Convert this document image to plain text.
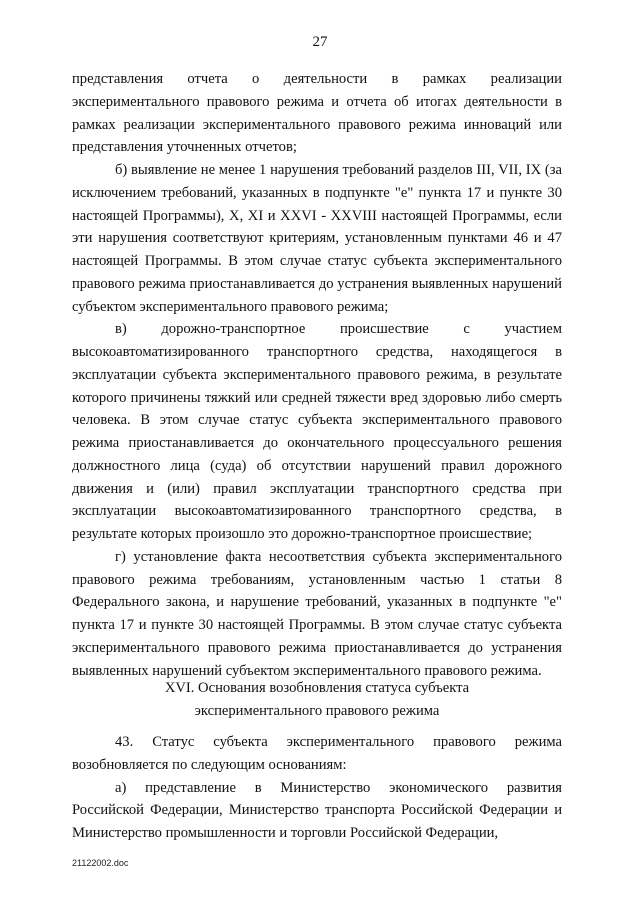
27

представления отчета о деятельности в рамках реализации экспериментального правового режима и отчета об итогах деятельности в рамках реализации экспериментального правового режима инноваций или представления уточненных отчетов;

б) выявление не менее 1 нарушения требований разделов III, VII, IX (за исключением требований, указанных в подпункте "е" пункта 17 и пункте 30 настоящей Программы), X, XI и XXVI - XXVIII настоящей Программы, если эти нарушения соответствуют критериям, установленным пунктами 46 и 47 настоящей Программы. В этом случае статус субъекта экспериментального правового режима приостанавливается до устранения выявленных нарушений субъектом экспериментального правового режима;

в) дорожно-транспортное происшествие с участием высокоавтоматизированного транспортного средства, находящегося в эксплуатации субъекта экспериментального правового режима, в результате которого причинены тяжкий или средней тяжести вред здоровью либо смерть человека. В этом случае статус субъекта экспериментального правового режима приостанавливается до окончательного процессуального решения должностного лица (суда) об отсутствии нарушений правил дорожного движения и (или) правил эксплуатации транспортного средства при эксплуатации высокоавтоматизированного транспортного средства, в результате которых произошло это дорожно-транспортное происшествие;

г) установление факта несоответствия субъекта экспериментального правового режима требованиям, установленным частью 1 статьи 8 Федерального закона, и нарушение требований, указанных в подпункте "е" пункта 17 и пункте 30 настоящей Программы. В этом случае статус субъекта экспериментального правового режима приостанавливается до устранения выявленных нарушений субъектом экспериментального правового режима.

XVI. Основания возобновления статуса субъекта
экспериментального правового режима

43. Статус субъекта экспериментального правового режима возобновляется по следующим основаниям:

а) представление в Министерство экономического развития Российской Федерации, Министерство транспорта Российской Федерации и Министерство промышленности и торговли Российской Федерации,

21122002.doc
